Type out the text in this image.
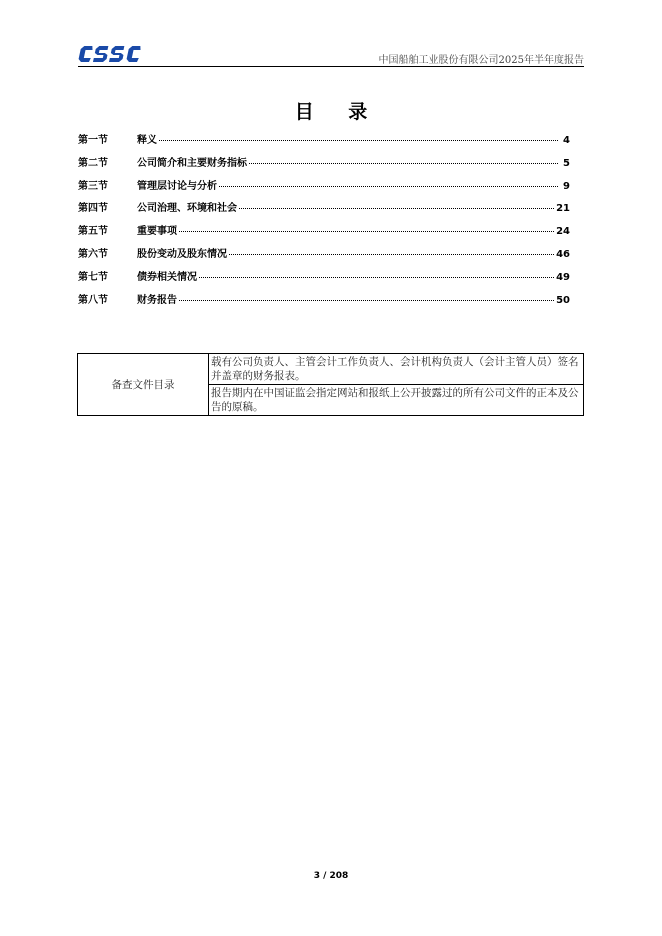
中国船舶工业股份有限公司2025年半年度报告
目 录
第一节	释义	4
第二节	公司简介和主要财务指标	5
第三节	管理层讨论与分析	9
第四节	公司治理、环境和社会	21
第五节	重要事项	24
第六节	股份变动及股东情况	46
第七节	债券相关情况	49
第八节	财务报告	50
备查文件目录	载有公司负责人、主管会计工作负责人、会计机构负责人（会计主管人员）签名并盖章的财务报表。
报告期内在中国证监会指定网站和报纸上公开披露过的所有公司文件的正本及公告的原稿。
3 / 208
